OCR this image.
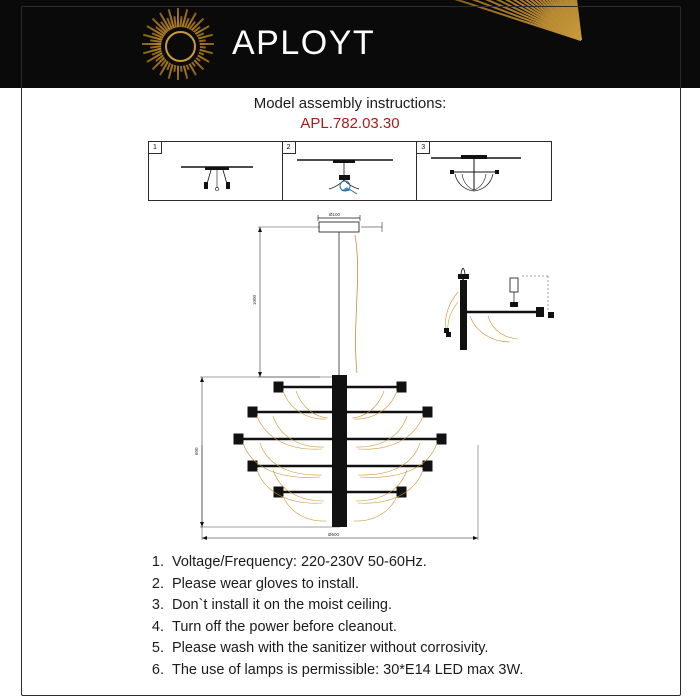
APLOYT
Model assembly instructions:
APL.782.03.30
1	2	3
Ø100
1000
600
Ø600
1. Voltage/Frequency: 220-230V 50-60Hz.
2. Please wear gloves to install.
3. Don`t install it on the moist ceiling.
4. Turn off the power before cleanout.
5. Please wash with the sanitizer without corrosivity.
6. The use of lamps is permissible: 30*E14 LED max 3W.
